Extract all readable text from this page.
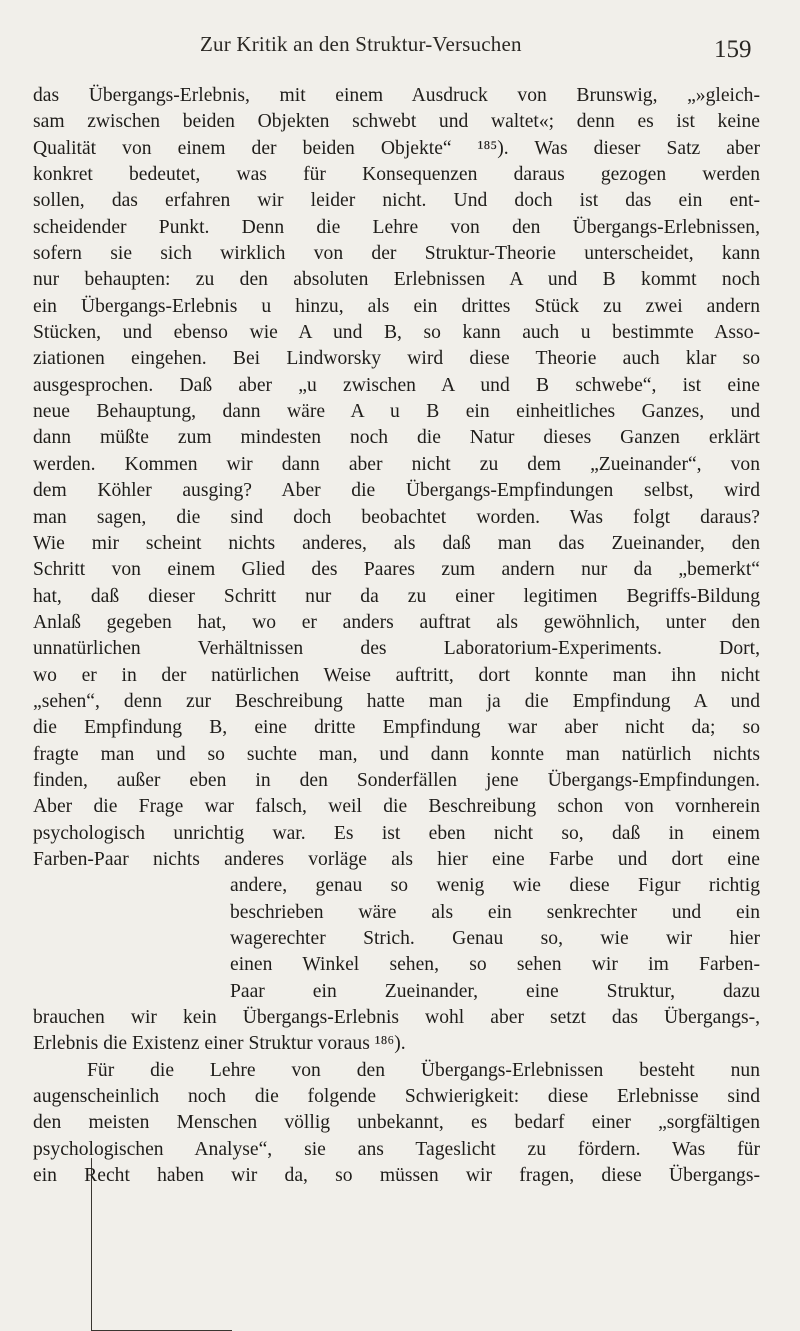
Zur Kritik an den Struktur-Versuchen	159
das Übergangs-Erlebnis, mit einem Ausdruck von Brunswig, „»gleich-
sam zwischen beiden Objekten schwebt und waltet«; denn es ist keine
Qualität von einem der beiden Objekte“ ¹⁸⁵). Was dieser Satz aber
konkret bedeutet, was für Konsequenzen daraus gezogen werden
sollen, das erfahren wir leider nicht. Und doch ist das ein ent-
scheidender Punkt. Denn die Lehre von den Übergangs-Erlebnissen,
sofern sie sich wirklich von der Struktur-Theorie unterscheidet, kann
nur behaupten: zu den absoluten Erlebnissen A und B kommt noch
ein Übergangs-Erlebnis u hinzu, als ein drittes Stück zu zwei andern
Stücken, und ebenso wie A und B, so kann auch u bestimmte Asso-
ziationen eingehen. Bei Lindworsky wird diese Theorie auch klar so
ausgesprochen. Daß aber „u zwischen A und B schwebe“, ist eine
neue Behauptung, dann wäre A u B ein einheitliches Ganzes, und
dann müßte zum mindesten noch die Natur dieses Ganzen erklärt
werden. Kommen wir dann aber nicht zu dem „Zueinander“, von
dem Köhler ausging? Aber die Übergangs-Empfindungen selbst, wird
man sagen, die sind doch beobachtet worden. Was folgt daraus?
Wie mir scheint nichts anderes, als daß man das Zueinander, den
Schritt von einem Glied des Paares zum andern nur da „bemerkt“
hat, daß dieser Schritt nur da zu einer legitimen Begriffs-Bildung
Anlaß gegeben hat, wo er anders auftrat als gewöhnlich, unter den
unnatürlichen Verhältnissen des Laboratorium-Experiments. Dort,
wo er in der natürlichen Weise auftritt, dort konnte man ihn nicht
„sehen“, denn zur Beschreibung hatte man ja die Empfindung A und
die Empfindung B, eine dritte Empfindung war aber nicht da; so
fragte man und so suchte man, und dann konnte man natürlich nichts
finden, außer eben in den Sonderfällen jene Übergangs-Empfindungen.
Aber die Frage war falsch, weil die Beschreibung schon von vornherein
psychologisch unrichtig war. Es ist eben nicht so, daß in einem
Farben-Paar nichts anderes vorläge als hier eine Farbe und dort eine
andere, genau so wenig wie diese Figur richtig
beschrieben wäre als ein senkrechter und ein
wagerechter Strich. Genau so, wie wir hier
einen Winkel sehen, so sehen wir im Farben-
Paar ein Zueinander, eine Struktur, dazu
brauchen wir kein Übergangs-Erlebnis wohl aber setzt das Übergangs-,
Erlebnis die Existenz einer Struktur voraus ¹⁸⁶).
Für die Lehre von den Übergangs-Erlebnissen besteht nun
augenscheinlich noch die folgende Schwierigkeit: diese Erlebnisse sind
den meisten Menschen völlig unbekannt, es bedarf einer „sorgfältigen
psychologischen Analyse“, sie ans Tageslicht zu fördern. Was für
ein Recht haben wir da, so müssen wir fragen, diese Übergangs-
